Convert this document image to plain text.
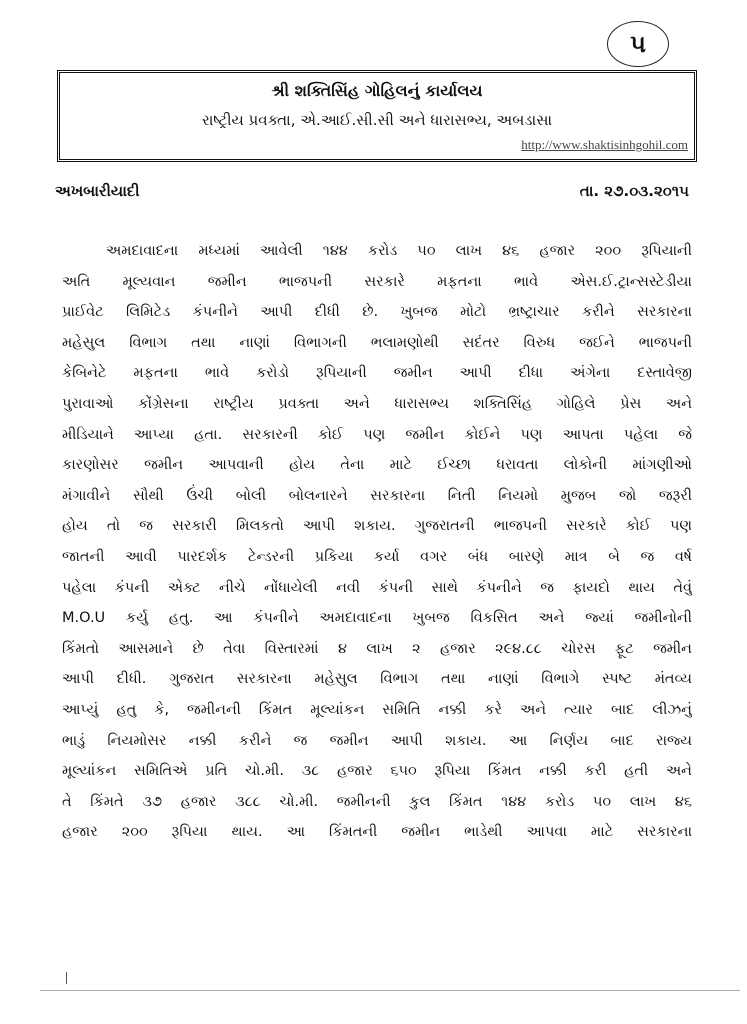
૫
શ્રી શક્તિસિંહ ગોહિલનું કાર્યાલય
રાષ્ટ્રીય પ્રવક્તા, એ.આઈ.સી.સી અને ધારાસભ્ય, અબડાસા
http://www.shaktisinhgohil.com
અખબારીયાદી	તા. ૨૭.૦૩.૨૦૧૫
અમદાવાદના મધ્યમાં આવેલી ૧૪૪ કરોડ ૫૦ લાખ ૪૬ હજાર ૨૦૦ રૂપિયાની
અતિ મૂલ્યવાન જમીન ભાજપની સરકારે મફતના ભાવે એસ.ઈ.ટ્રાન્સસ્ટેડીયા
પ્રાઈવેટ લિમિટેડ કંપનીને આપી દીધી છે. ખુબજ મોટો ભ્રષ્ટ્રાચાર કરીને સરકારના
મહેસુલ વિભાગ તથા નાણાં વિભાગની ભલામણોથી સદંતર વિરુધ જઈને ભાજપની
કેબિનેટે મફતના ભાવે કરોડો રૂપિયાની જમીન આપી દીધા અંગેના દસ્તાવેજી
પુરાવાઓ કોંગ્રેસના રાષ્ટ્રીય પ્રવક્તા અને ધારાસભ્ય શક્તિસિંહ ગોહિલે પ્રેસ અને
મીડિયાને આપ્યા હતા. સરકારની કોઈ પણ જમીન કોઈને પણ આપતા પહેલા જે
કારણોસર જમીન આપવાની હોય તેના માટે ઈચ્છા ધરાવતા લોકોની માંગણીઓ
મંગાવીને સૌથી ઉંચી બોલી બોલનારને સરકારના નિતી નિયમો મુજબ જો જરૂરી
હોય તો જ સરકારી મિલકતો આપી શકાય. ગુજરાતની ભાજપની સરકારે કોઈ પણ
જાતની આવી પારદર્શક ટેન્ડરની પ્રકિયા કર્યા વગર બંધ બારણે માત્ર બે જ વર્ષ
પહેલા કંપની એક્ટ નીચે નોંધાયેલી નવી કંપની સાથે કંપનીને જ ફાયદો થાય તેવું
M.O.U કર્યુ હતુ. આ કંપનીને અમદાવાદના ખુબજ વિકસિત અને જ્યાં જમીનોની
કિંમતો આસમાને છે તેવા વિસ્તારમાં ૪ લાખ ૨ હજાર ૨૯૪.૮૮ ચોરસ ફૂટ જમીન
આપી દીધી. ગુજરાત સરકારના મહેસુલ વિભાગ તથા નાણાં વિભાગે સ્પષ્ટ મંતવ્ય
આપ્યું હતુ કે, જમીનની કિંમત મૂલ્યાંકન સમિતિ નક્કી કરે અને ત્યાર બાદ લીઝનું
ભાડું નિયમોસર નક્કી કરીને જ જમીન આપી શકાય. આ નિર્ણય બાદ રાજ્ય
મૂલ્યાંકન સમિતિએ પ્રતિ ચો.મી. ૩૮ હજાર ૬૫૦ રૂપિયા કિંમત નક્કી કરી હતી અને
તે કિંમતે ૩૭ હજાર ૩૮૮ ચો.મી. જમીનની કુલ કિંમત ૧૪૪ કરોડ ૫૦ લાખ ૪૬
હજાર ૨૦૦ રૂપિયા થાય. આ કિંમતની જમીન ભાડેથી આપવા માટે સરકારના
